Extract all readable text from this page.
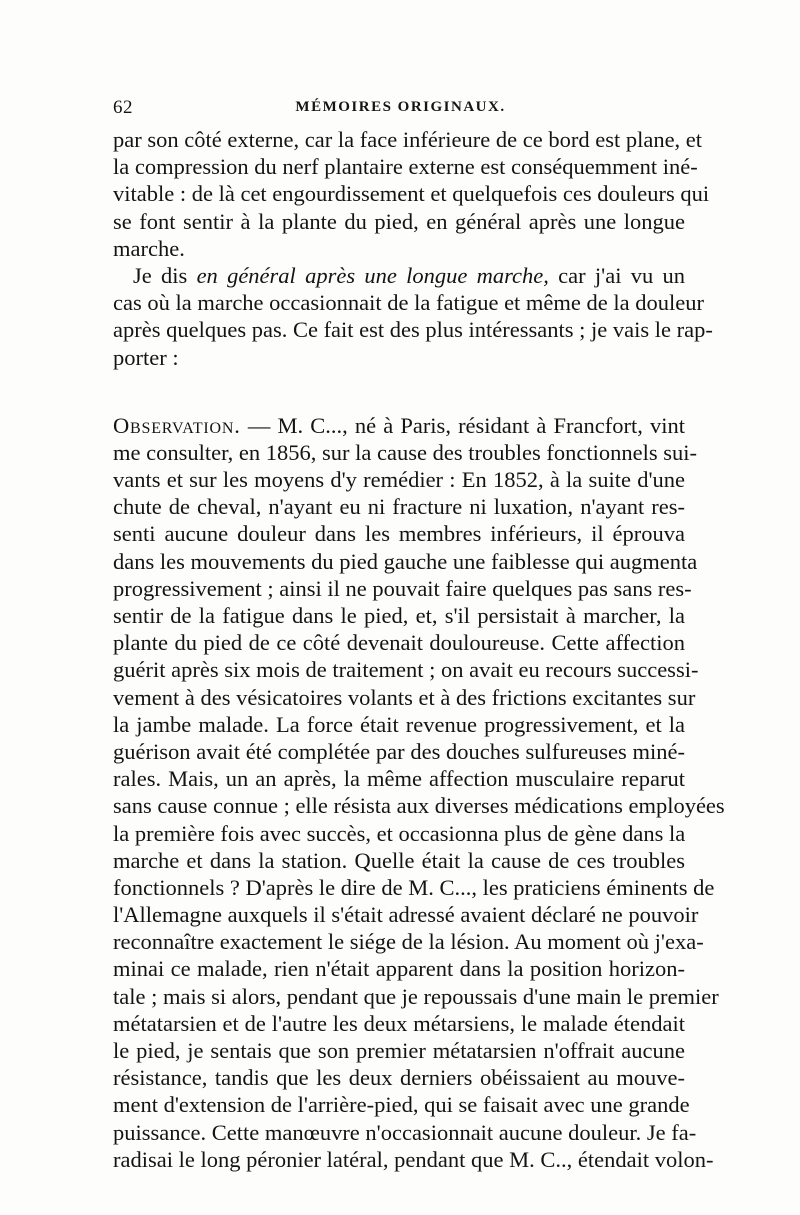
62	MÉMOIRES ORIGINAUX.
par son côté externe, car la face inférieure de ce bord est plane, et
la compression du nerf plantaire externe est conséquemment iné-
vitable : de là cet engourdissement et quelquefois ces douleurs qui
se font sentir à la plante du pied, en général après une longue
marche.
Je dis en général après une longue marche, car j'ai vu un
cas où la marche occasionnait de la fatigue et même de la douleur
après quelques pas. Ce fait est des plus intéressants ; je vais le rap-
porter :
Observation. — M. C..., né à Paris, résidant à Francfort, vint
me consulter, en 1856, sur la cause des troubles fonctionnels sui-
vants et sur les moyens d'y remédier : En 1852, à la suite d'une
chute de cheval, n'ayant eu ni fracture ni luxation, n'ayant res-
senti aucune douleur dans les membres inférieurs, il éprouva
dans les mouvements du pied gauche une faiblesse qui augmenta
progressivement ; ainsi il ne pouvait faire quelques pas sans res-
sentir de la fatigue dans le pied, et, s'il persistait à marcher, la
plante du pied de ce côté devenait douloureuse. Cette affection
guérit après six mois de traitement ; on avait eu recours successi-
vement à des vésicatoires volants et à des frictions excitantes sur
la jambe malade. La force était revenue progressivement, et la
guérison avait été complétée par des douches sulfureuses miné-
rales. Mais, un an après, la même affection musculaire reparut
sans cause connue ; elle résista aux diverses médications employées
la première fois avec succès, et occasionna plus de gène dans la
marche et dans la station. Quelle était la cause de ces troubles
fonctionnels ? D'après le dire de M. C..., les praticiens éminents de
l'Allemagne auxquels il s'était adressé avaient déclaré ne pouvoir
reconnaître exactement le siége de la lésion. Au moment où j'exa-
minai ce malade, rien n'était apparent dans la position horizon-
tale ; mais si alors, pendant que je repoussais d'une main le premier
métatarsien et de l'autre les deux métarsiens, le malade étendait
le pied, je sentais que son premier métatarsien n'offrait aucune
résistance, tandis que les deux derniers obéissaient au mouve-
ment d'extension de l'arrière-pied, qui se faisait avec une grande
puissance. Cette manœuvre n'occasionnait aucune douleur. Je fa-
radisai le long péronier latéral, pendant que M. C.., étendait volon-
